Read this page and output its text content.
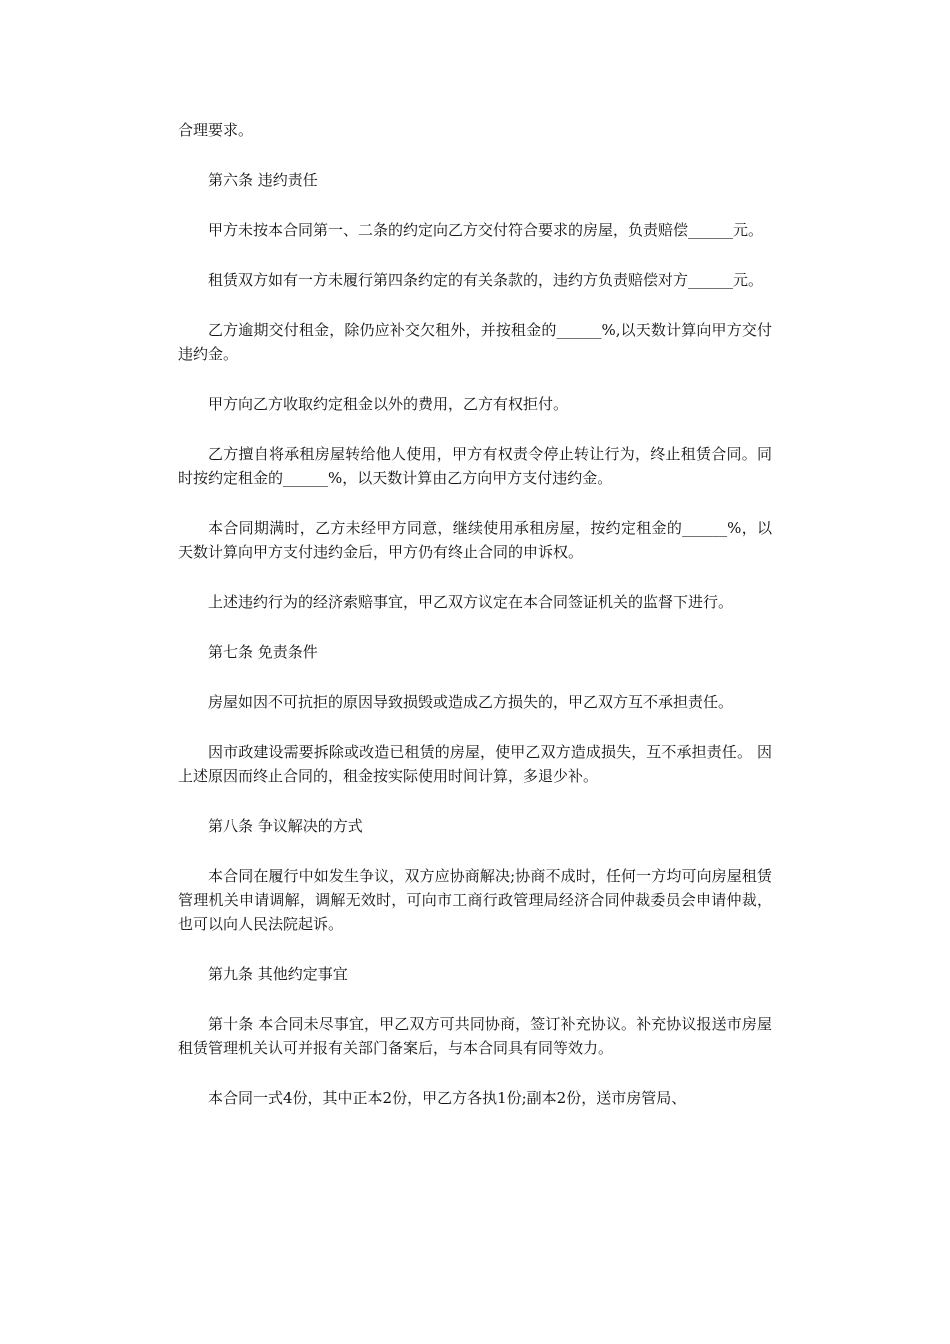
合理要求。

第六条 违约责任

甲方未按本合同第一、二条的约定向乙方交付符合要求的房屋，负责赔偿______元。

租赁双方如有一方未履行第四条约定的有关条款的，违约方负责赔偿对方______元。

乙方逾期交付租金，除仍应补交欠租外，并按租金的______%,以天数计算向甲方交付违约金。

甲方向乙方收取约定租金以外的费用，乙方有权拒付。

乙方擅自将承租房屋转给他人使用，甲方有权责令停止转让行为，终止租赁合同。同时按约定租金的______%，以天数计算由乙方向甲方支付违约金。

本合同期满时，乙方未经甲方同意，继续使用承租房屋，按约定租金的______%，以天数计算向甲方支付违约金后，甲方仍有终止合同的申诉权。

上述违约行为的经济索赔事宜，甲乙双方议定在本合同签证机关的监督下进行。

第七条 免责条件

房屋如因不可抗拒的原因导致损毁或造成乙方损失的，甲乙双方互不承担责任。

因市政建设需要拆除或改造已租赁的房屋，使甲乙双方造成损失，互不承担责任。 因上述原因而终止合同的，租金按实际使用时间计算，多退少补。

第八条 争议解决的方式

本合同在履行中如发生争议，双方应协商解决;协商不成时，任何一方均可向房屋租赁管理机关申请调解，调解无效时，可向市工商行政管理局经济合同仲裁委员会申请仲裁，也可以向人民法院起诉。

第九条 其他约定事宜

第十条 本合同未尽事宜，甲乙双方可共同协商，签订补充协议。补充协议报送市房屋租赁管理机关认可并报有关部门备案后，与本合同具有同等效力。

本合同一式4份，其中正本2份，甲乙方各执1份;副本2份，送市房管局、
